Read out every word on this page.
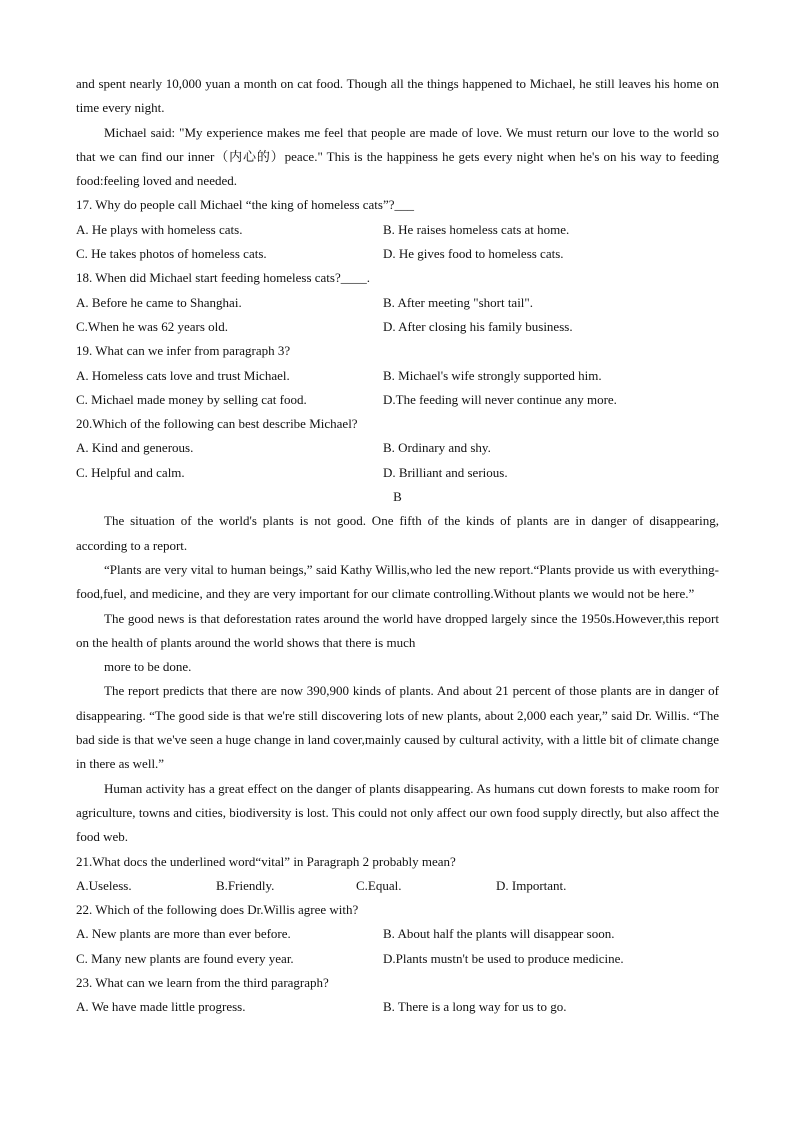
and spent nearly 10,000 yuan a month on cat food. Though all the things happened to Michael, he still leaves his home on time every night.
Michael said: "My experience makes me feel that people are made of love. We must return our love to the world so that we can find our inner（内心的）peace." This is the happiness he gets every night when he's on his way to feeding food:feeling loved and needed.
17. Why do people call Michael “the king of homeless cats”?___
A. He plays with homeless cats.	B. He raises homeless cats at home.
C. He takes photos of homeless cats.	D. He gives food to homeless cats.
18. When did Michael start feeding homeless cats?____.
A. Before he came to Shanghai.	B. After meeting "short tail".
C.When he was 62 years old.	D. After closing his family business.
19. What can we infer from paragraph 3?
A. Homeless cats love and trust Michael.	B. Michael's wife strongly supported him.
C. Michael made money by selling cat food.	D.The feeding will never continue any more.
20.Which of the following can best describe Michael?
A. Kind and generous.	B. Ordinary and shy.
C. Helpful and calm.	D. Brilliant and serious.
B
The situation of the world's plants is not good. One fifth of the kinds of plants are in danger of disappearing, according to a report.
“Plants are very vital to human beings,” said Kathy Willis,who led the new report.“Plants provide us with everything-food,fuel, and medicine, and they are very important for our climate controlling.Without plants we would not be here.”
The good news is that deforestation rates around the world have dropped largely since the 1950s.However,this report on the health of plants around the world shows that there is much
more to be done.
The report predicts that there are now 390,900 kinds of plants. And about 21 percent of those plants are in danger of disappearing. “The good side is that we're still discovering lots of new plants, about 2,000 each year,” said Dr. Willis. “The bad side is that we've seen a huge change in land cover,mainly caused by cultural activity, with a little bit of climate change in there as well.”
Human activity has a great effect on the danger of plants disappearing. As humans cut down forests to make room for agriculture, towns and cities, biodiversity is lost. This could not only affect our own food supply directly, but also affect the food web.
21.What docs the underlined word“vital” in Paragraph 2 probably mean?
A.Useless.	B.Friendly.	C.Equal.	D. Important.
22. Which of the following does Dr.Willis agree with?
A. New plants are more than ever before.	B. About half the plants will disappear soon.
C. Many new plants are found every year.	D.Plants mustn't be used to produce medicine.
23. What can we learn from the third paragraph?
A. We have made little progress.	B. There is a long way for us to go.
